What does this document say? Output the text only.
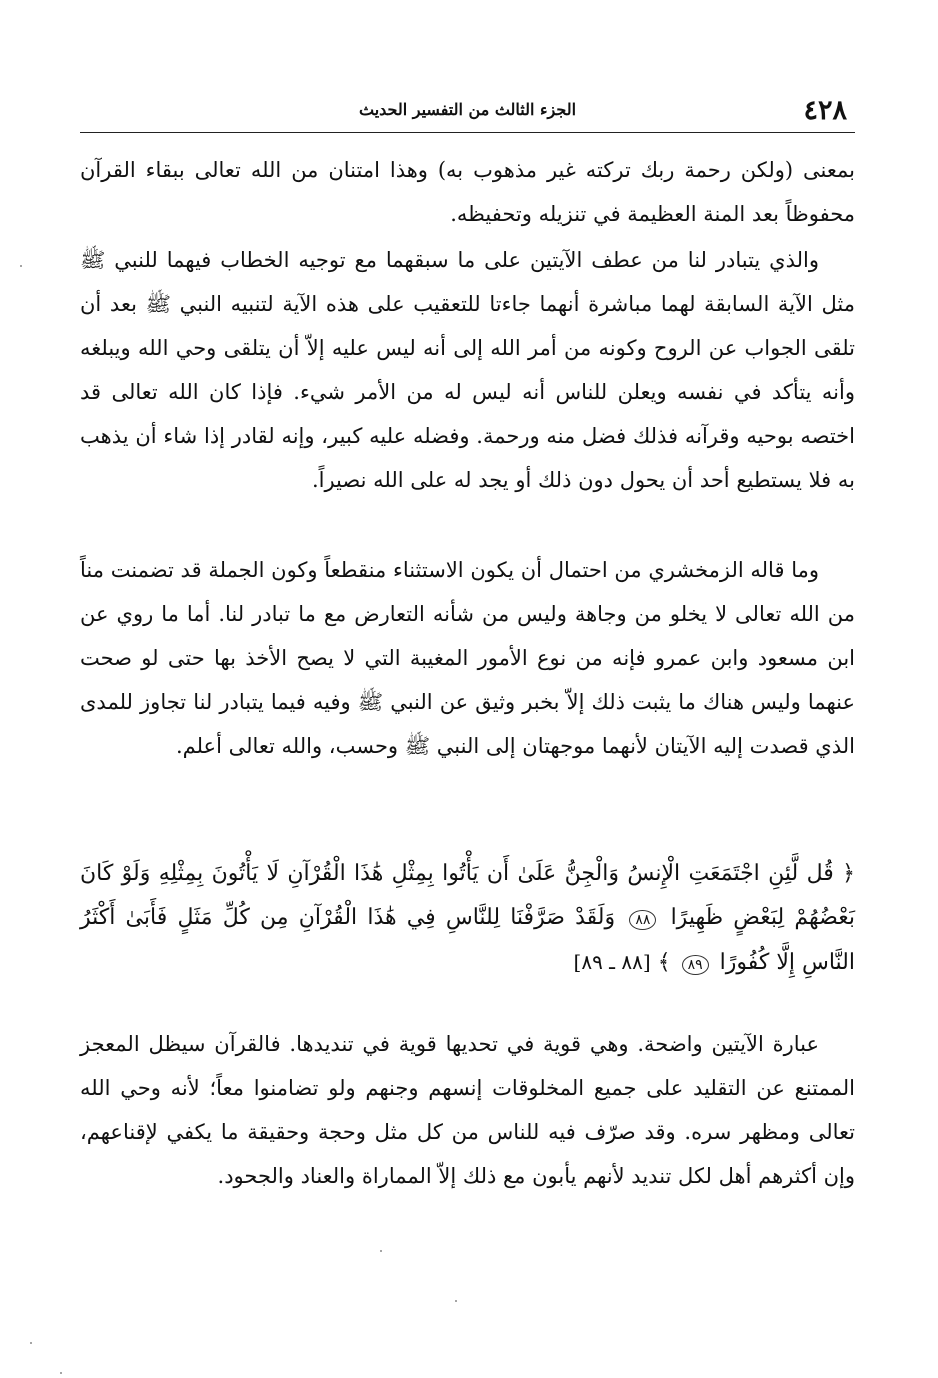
٤٢٨
الجزء الثالث من التفسير الحديث

بمعنى (ولكن رحمة ربك تركته غير مذهوب به) وهذا امتنان من الله تعالى ببقاء القرآن محفوظاً بعد المنة العظيمة في تنزيله وتحفيظه.

والذي يتبادر لنا من عطف الآيتين على ما سبقهما مع توجيه الخطاب فيهما للنبي ﷺ مثل الآية السابقة لهما مباشرة أنهما جاءتا للتعقيب على هذه الآية لتنبيه النبي ﷺ بعد أن تلقى الجواب عن الروح وكونه من أمر الله إلى أنه ليس عليه إلاّ أن يتلقى وحي الله ويبلغه وأنه يتأكد في نفسه ويعلن للناس أنه ليس له من الأمر شيء. فإذا كان الله تعالى قد اختصه بوحيه وقرآنه فذلك فضل منه ورحمة. وفضله عليه كبير، وإنه لقادر إذا شاء أن يذهب به فلا يستطيع أحد أن يحول دون ذلك أو يجد له على الله نصيراً.

وما قاله الزمخشري من احتمال أن يكون الاستثناء منقطعاً وكون الجملة قد تضمنت مناً من الله تعالى لا يخلو من وجاهة وليس من شأنه التعارض مع ما تبادر لنا. أما ما روي عن ابن مسعود وابن عمرو فإنه من نوع الأمور المغيبة التي لا يصح الأخذ بها حتى لو صحت عنهما وليس هناك ما يثبت ذلك إلاّ بخبر وثيق عن النبي ﷺ وفيه فيما يتبادر لنا تجاوز للمدى الذي قصدت إليه الآيتان لأنهما موجهتان إلى النبي ﷺ وحسب، والله تعالى أعلم.

﴿ قُل لَّئِنِ اجْتَمَعَتِ الْإِنسُ وَالْجِنُّ عَلَىٰ أَن يَأْتُوا بِمِثْلِ هَٰذَا الْقُرْآنِ لَا يَأْتُونَ بِمِثْلِهِ وَلَوْ كَانَ بَعْضُهُمْ لِبَعْضٍ ظَهِيرًا ٨٨ وَلَقَدْ صَرَّفْنَا لِلنَّاسِ فِي هَٰذَا الْقُرْآنِ مِن كُلِّ مَثَلٍ فَأَبَىٰ أَكْثَرُ النَّاسِ إِلَّا كُفُورًا ٨٩ ﴾ [٨٨ ـ ٨٩]

عبارة الآيتين واضحة. وهي قوية في تحديها قوية في تنديدها. فالقرآن سيظل المعجز الممتنع عن التقليد على جميع المخلوقات إنسهم وجنهم ولو تضامنوا معاً؛ لأنه وحي الله تعالى ومظهر سره. وقد صرّف فيه للناس من كل مثل وحجة وحقيقة ما يكفي لإقناعهم، وإن أكثرهم أهل لكل تنديد لأنهم يأبون مع ذلك إلاّ المماراة والعناد والجحود.
